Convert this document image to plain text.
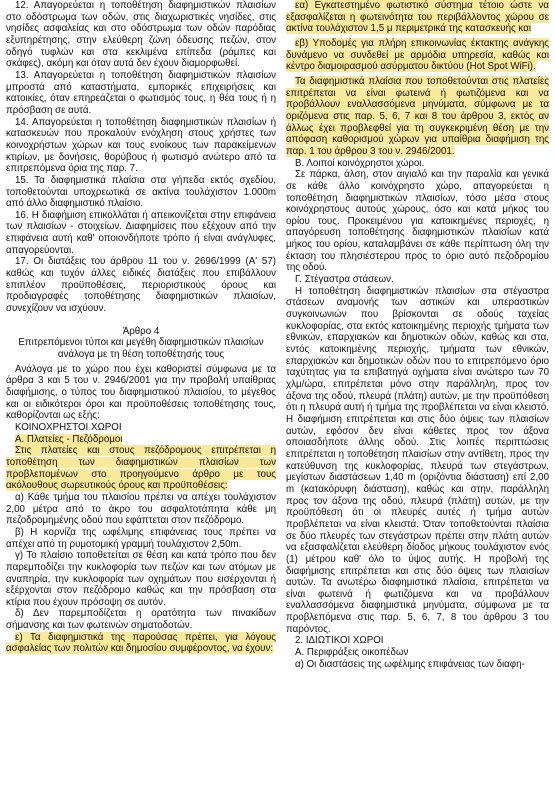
12. Απαγορεύεται η τοποθέτηση διαφημιστικών πλαισίων στο οδόστρωμα των οδών, στις διαχωριστικές νησίδες, στις νησίδες ασφαλείας και στο οδόστρωμα των οδών παρόδιας εξυπηρέτησης, στην ελεύθερη ζώνη όδευσης πεζών, στον οδηγό τυφλών και στα κεκλιμένα επίπεδα (ράμπες και σκάφες), ακόμη και όταν αυτά δεν έχουν διαμορφωθεί.

13. Απαγορεύεται η τοποθέτηση διαφημιστικών πλαισίων μπροστά από καταστήματα, εμπορικές επιχειρήσεις και κατοικίες, όταν επηρεάζεται ο φωτισμός τους, η θέα τους ή η πρόσβαση σε αυτά.

14. Απαγορεύεται η τοποθέτηση διαφημιστικών πλαισίων ή κατασκευών που προκαλούν ενόχληση στους χρήστες των κοινοχρήστων χώρων και τους ενοίκους των παρακείμενων κτιρίων, με δονήσεις, θορύβους ή φωτισμό ανώτερο από τα επιτρεπόμενα όρια της παρ. 7.

15. Τα διαφημιστικά πλαίσια στα γήπεδα εκτός σχεδίου, τοποθετούνται υποχρεωτικά σε ακτίνα τουλάχιστον 1.000m από άλλο διαφημιστικό πλαίσιο.

16. Η διαφήμιση επικολλάται ή απεικονίζεται στην επιφάνεια των πλαισίων - στοιχείων. Διαφημίσεις που εξέχουν από την επιφάνεια αυτή καθ' οποιονδήποτε τρόπο ή είναι ανάγλυφες, απαγορεύονται.

17. Οι διατάξεις του άρθρου 11 του ν. 2696/1999 (Α' 57) καθώς και τυχόν άλλες ειδικές διατάξεις που επιβάλλουν επιπλέον προϋποθέσεις, περιοριστικούς όρους και προδιαγραφές τοποθέτησης διαφημιστικών πλαισίων, συνεχίζουν να ισχύουν.

Άρθρο 4

Επιτρεπόμενοι τύποι και μεγέθη διαφημιστικών πλαισίων ανάλογα με τη θέση τοποθέτησής τους

Ανάλογα με το χώρο που έχει καθοριστεί σύμφωνα με τα άρθρα 3 και 5 του ν. 2946/2001 για την προβολή υπαίθριας διαφήμισης, ο τύπος του διαφημιστικού πλαισίου, το μέγεθος και οι ειδικότεροι όροι και προϋποθέσεις τοποθέτησης τους, καθορίζονται ως εξής:

ΚΟΙΝΟΧΡΗΣΤΟΙ ΧΩΡΟΙ

Α. Πλατείες - Πεζόδρομοι

Στις πλατείες και στους πεζόδρομους επιτρέπεται η τοποθέτηση των διαφημιστικών πλαισίων των προβλεπομένων στο προηγούμενο άρθρο με τους ακόλουθους σωρευτικούς όρους και προϋποθέσεις:

α) Κάθε τμήμα του πλαισίου πρέπει να απέχει τουλάχιστον 2,00 μέτρα από το άκρο του ασφαλτοτάπητα κάθε μη πεζοδρομημένης οδού που εφάπτεται στον πεζόδρομο.

β) Η κορνίζα της ωφέλιμης επιφάνειας τους πρέπει να απέχει από τη ρυμοτομική γραμμή τουλάχιστον 2,50m.

γ) Το πλαίσιο τοποθετείται σε θέση και κατά τρόπο που δεν παρεμποδίζει την κυκλοφορία των πεζών και των ατόμων με αναπηρία, την κυκλοφορία των οχημάτων που εισέρχονται ή εξέρχονται στον πεζόδρομο καθώς και την πρόσβαση στα κτίρια που έχουν πρόσοψη σε αυτόν.

δ) Δεν παρεμποδίζεται η ορατότητα των πινακίδων σήμανσης και των φωτεινών σηματοδοτών.

ε) Τα διαφημιστικά της παρούσας πρέπει, για λόγους ασφαλείας των πολιτών και δημοσίου συμφέροντος, να έχουν:

εα) Εγκατεστημένο φωτιστικό σύστημα τέτοιο ώστε να εξασφαλίζεται η φωτεινότητα του περιβάλλοντος χώρου σε ακτίνα τουλάχιστον 1,5 μ περιμετρικά της κατασκευής και

εβ) Υποδομές για πλήρη επικοινωνίας έκτακτης ανάγκης δυνάμενο να συνδεθεί με αρμόδια υπηρεσία, καθώς και κέντρο διαμοιρασμού ασύρματου δικτύου (Hot Spot WiFi).

Τα διαφημιστικά πλαίσια που τοποθετούνται στις πλατείες επιτρέπεται να είναι φωτεινά ή φωτιζόμενα και να προβάλλουν εναλλασσόμενα μηνύματα, σύμφωνα με τα οριζόμενα στις παρ. 5, 6, 7 και 8 του άρθρου 3, εκτός αν άλλως έχει προβλεφθεί για τη συγκεκριμένη θέση με την απόφαση καθορισμού χώρων για υπαίθρια διαφήμιση της παρ. 1 του άρθρου 3 του ν. 2946/2001.

Β. Λοιποί κοινόχρηστοι χώροι.

Σε πάρκα, άλση, στον αιγιαλό και την παραλία και γενικά σε κάθε άλλο κοινόχρηστο χώρο, απαγορεύεται η τοποθέτηση διαφημιστικών πλαισίων, τόσο μέσα στους κοινόχρηστους αυτούς χώρους, όσο και κατά μήκος του ορίου τους. Προκειμένου για κατοικημένες περιοχές, η απαγόρευση τοποθέτησης διαφημιστικών πλαισίων κατά μήκος του ορίου, καταλαμβάνει σε κάθε περίπτωση όλη την έκταση του πλησιέστερου προς το όριο αυτό πεζοδρομίου της οδού.

Γ. Στέγαστρα στάσεων.

Η τοποθέτηση διαφημιστικών πλαισίων στα στέγαστρα στάσεων αναμονής των αστικών και υπεραστικών συγκοινωνιών που βρίσκονται σε οδούς ταχείας κυκλοφορίας, στα εκτός κατοικημένης περιοχής τμήματα των εθνικών, επαρχιακών και δημοτικών οδών, καθώς και στα, εντός κατοικημένης περιοχής, τμήματα των εθνικών, επαρχιακών και δημοτικών οδών που το επιτρεπόμενο όριο ταχύτητας για τα επιβατηγά οχήματα είναι ανώτερο των 70 χλμ/ώρα, επιτρέπεται μόνο στην παράλληλη, προς τον άξονα της οδού, πλευρά (πλάτη) αυτών, με την προϋπόθεση ότι η πλευρά αυτή ή τμήμα της προβλέπεται να είναι κλειστό. Η διαφήμιση επιτρέπεται και στις δύο όψεις των πλαισίων αυτών, εφόσον δεν είναι κάθετες προς τον άξονα οποιασδήποτε άλλης οδού. Στις λοιπές περιπτώσεις επιτρέπεται η τοποθέτηση πλαισίων στην αντίθετη, προς την κατεύθυνση της κυκλοφορίας, πλευρά των στεγάστρων, μεγίστων διαστάσεων 1,40 m (οριζόντια διάσταση) επί 2,00 m (κατακόρυφη διάσταση), καθώς και στην, παράλληλη προς τον άξονα της οδού, πλευρά (πλάτη) αυτών, με την προϋπόθεση ότι οι πλευρές αυτές ή τμήμα αυτών προβλέπεται να είναι κλειστά. Όταν τοποθετούνται πλαίσια σε δύο πλευρές των στεγάστρων πρέπει στην πλάτη αυτών να εξασφαλίζεται ελεύθερη δίοδος μήκους τουλάχιστον ενός (1) μέτρου καθ' όλο το ύψος αυτής. Η προβολή της διαφήμισης επιτρέπεται και στις δύο όψεις των πλαισίων αυτών. Τα ανωτέρω διαφημιστικά πλαίσια, επιτρέπεται να είναι φωτεινά ή φωτιζόμενα και να προβάλλουν εναλλασσόμενα διαφημιστικά μηνύματα, σύμφωνα με τα προβλεπόμενα στις παρ. 5, 6, 7, 8 του άρθρου 3 του παρόντος.

2. ΙΔΙΩΤΙΚΟΙ ΧΩΡΟΙ

Α. Περιφράξεις οικοπέδων

α) Οι διαστάσεις της ωφέλιμης επιφάνειας των διαφη-
